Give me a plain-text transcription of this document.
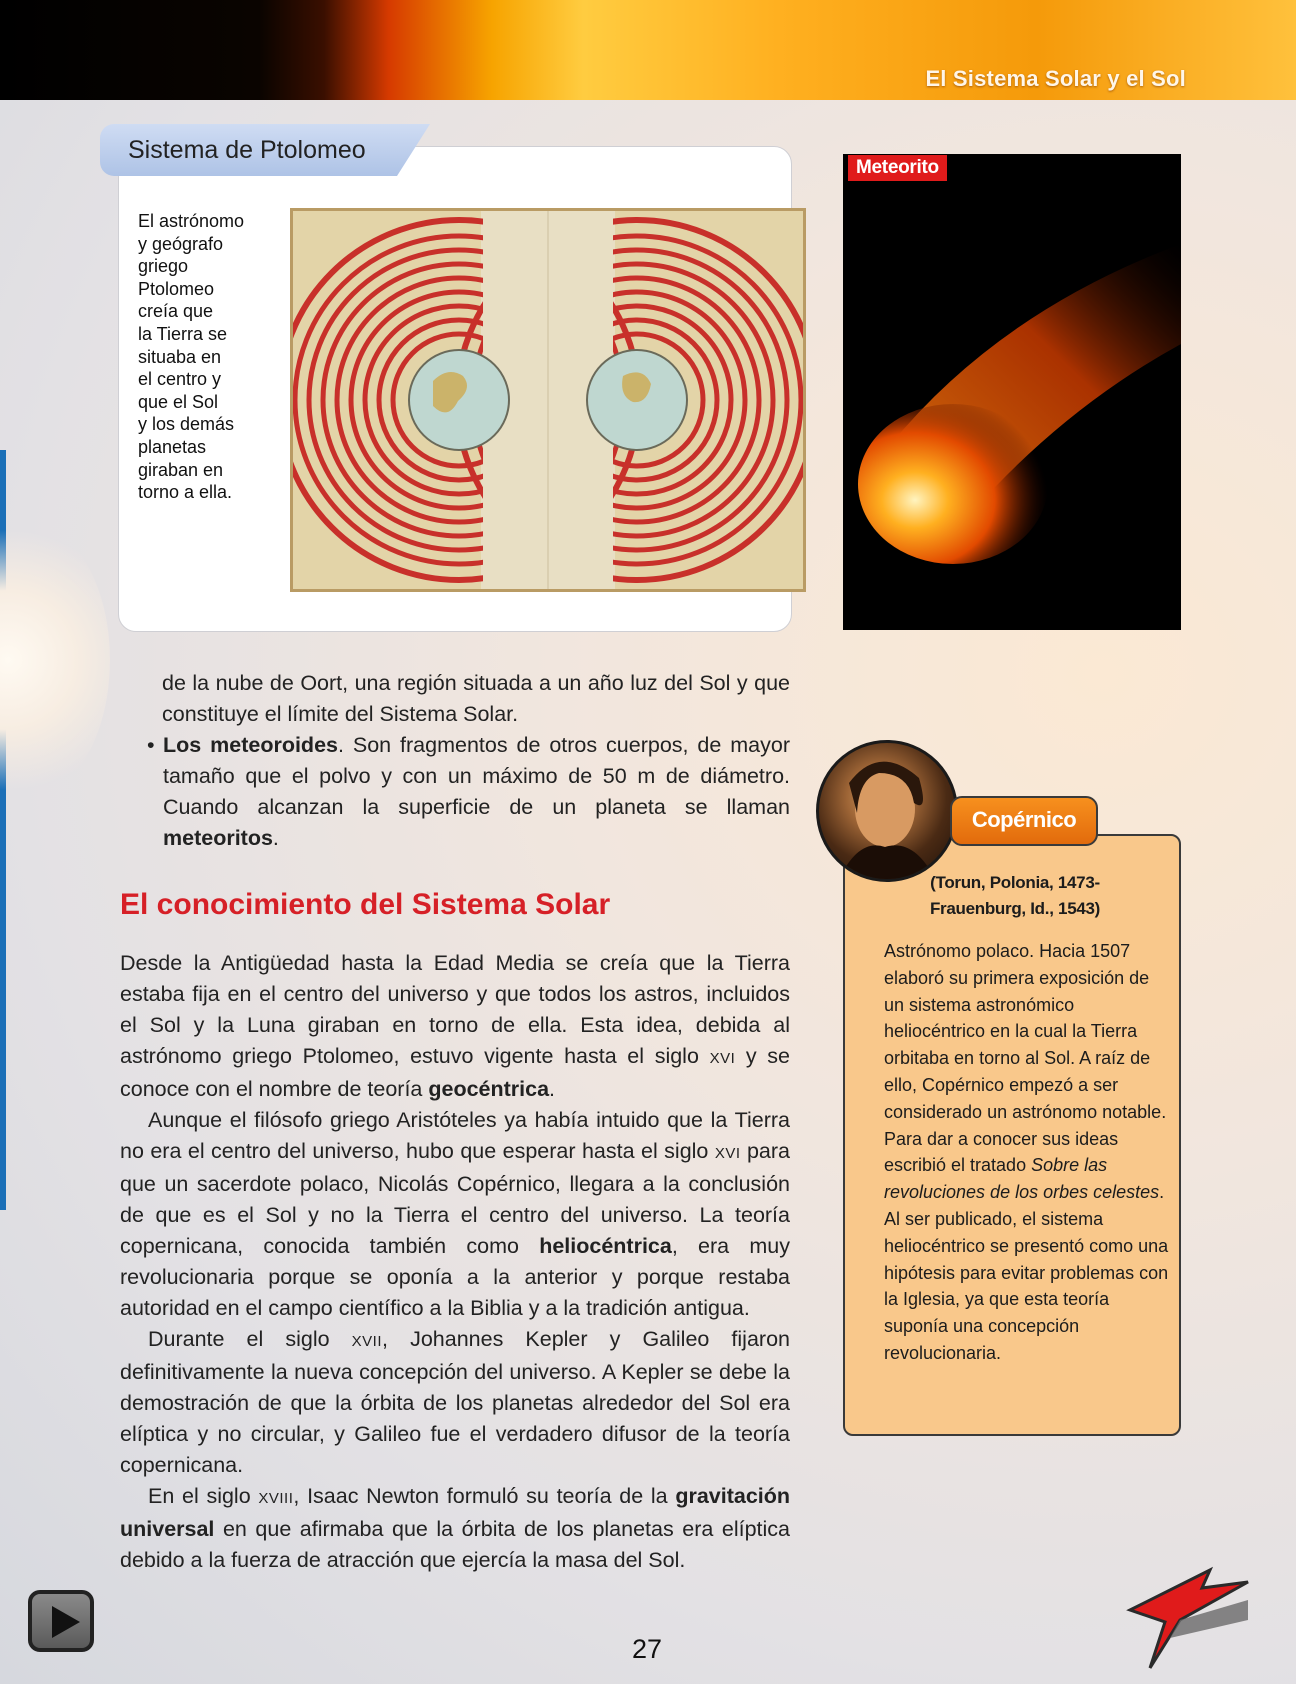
El Sistema Solar y el Sol
Sistema de Ptolomeo
El astrónomo
y geógrafo
griego
Ptolomeo
creía que
la Tierra se
situaba en
el centro y
que el Sol
y los demás
planetas
giraban en
torno a ella.
Meteorito
de la nube de Oort, una región situada a un año luz del Sol y que constituye el límite del Sistema Solar.
• Los meteoroides. Son fragmentos de otros cuerpos, de mayor tamaño que el polvo y con un máximo de 50 m de diámetro. Cuando alcanzan la superficie de un planeta se llaman meteoritos.
El conocimiento del Sistema Solar

Desde la Antigüedad hasta la Edad Media se creía que la Tierra estaba fija en el centro del universo y que todos los astros, incluidos el Sol y la Luna giraban en torno de ella. Esta idea, debida al astrónomo griego Ptolomeo, estuvo vigente hasta el siglo XVI y se conoce con el nombre de teoría geocéntrica.

Aunque el filósofo griego Aristóteles ya había intuido que la Tierra no era el centro del universo, hubo que esperar hasta el siglo XVI para que un sacerdote polaco, Nicolás Copérnico, llegara a la conclusión de que es el Sol y no la Tierra el centro del universo. La teoría copernicana, conocida también como heliocéntrica, era muy revolucionaria porque se oponía a la anterior y porque restaba autoridad en el campo científico a la Biblia y a la tradición antigua.

Durante el siglo XVII, Johannes Kepler y Galileo fijaron definitivamente la nueva concepción del universo. A Kepler se debe la demostración de que la órbita de los planetas alrededor del Sol era elíptica y no circular, y Galileo fue el verdadero difusor de la teoría copernicana.

En el siglo XVIII, Isaac Newton formuló su teoría de la gravitación universal en que afirmaba que la órbita de los planetas era elíptica debido a la fuerza de atracción que ejercía la masa del Sol.

Copérnico
(Torun, Polonia, 1473-
Frauenburg, Id., 1543)
Astrónomo polaco. Hacia 1507 elaboró su primera exposición de un sistema astronómico heliocéntrico en la cual la Tierra orbitaba en torno al Sol. A raíz de ello, Copérnico empezó a ser considerado un astrónomo notable. Para dar a conocer sus ideas escribió el tratado Sobre las revoluciones de los orbes celestes. Al ser publicado, el sistema heliocéntrico se presentó como una hipótesis para evitar problemas con la Iglesia, ya que esta teoría suponía una concepción revolucionaria.
27
